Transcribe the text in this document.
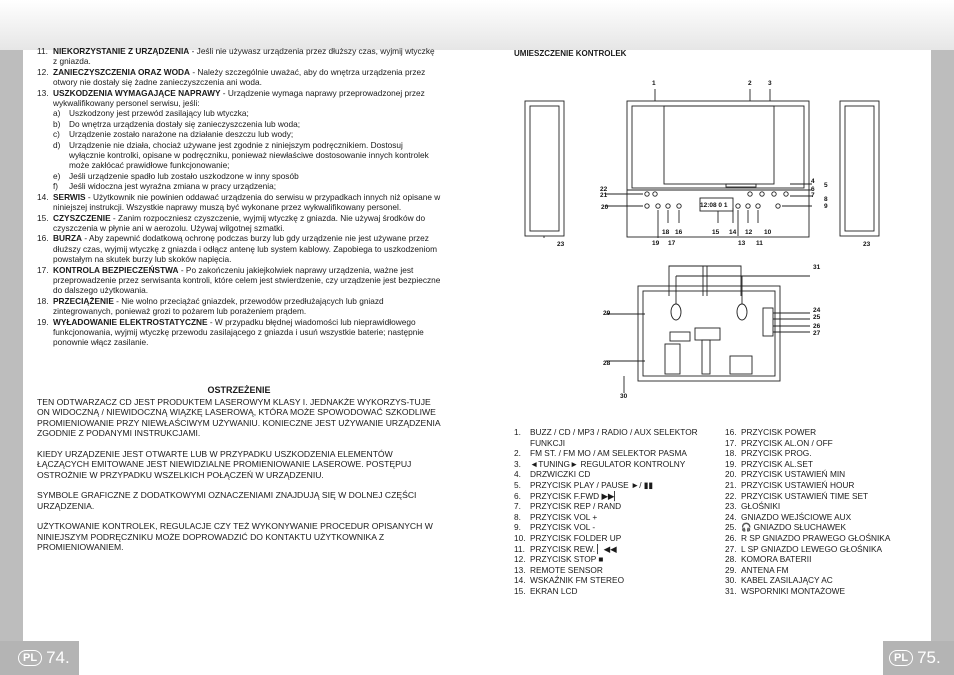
PL 74.	PL 75.
11. NIEKORZYSTANIE Z URZĄDZENIA - Jeśli nie używasz urządzenia przez dłuższy czas, wyjmij wtyczkę z gniazda.
12. ZANIECZYSZCZENIA ORAZ WODA - Należy szczególnie uważać, aby do wnętrza urządzenia przez otwory nie dostały się żadne zanieczyszczenia ani woda.
13. USZKODZENIA WYMAGAJĄCE NAPRAWY - Urządzenie wymaga naprawy przeprowadzonej przez wykwalifikowany personel serwisu, jeśli:
a)	Uszkodzony jest przewód zasilający lub wtyczka;
b)	Do wnętrza urządzenia dostały się zanieczyszczenia lub woda;
c)	Urządzenie zostało narażone na działanie deszczu lub wody;
d)	Urządzenie nie działa, chociaż używane jest zgodnie z niniejszym podręcznikiem. Dostosuj wyłącznie kontrolki, opisane w podręczniku, ponieważ niewłaściwe dostosowanie innych kontrolek może zakłócać prawidłowe funkcjonowanie;
e)	Jeśli urządzenie spadło lub zostało uszkodzone w inny sposób
f)	Jeśli widoczna jest wyraźna zmiana w pracy urządzenia;
14. SERWIS - Użytkownik nie powinien oddawać urządzenia do serwisu w przypadkach innych niż opisane w niniejszej instrukcji. Wszystkie naprawy muszą być wykonane przez wykwalifikowany personel.
15. CZYSZCZENIE - Zanim rozpoczniesz czyszczenie, wyjmij wtyczkę z gniazda. Nie używaj środków do czyszczenia w płynie ani w aerozolu. Używaj wilgotnej szmatki.
16. BURZA - Aby zapewnić dodatkową ochronę podczas burzy lub gdy urządzenie nie jest używane przez dłuższy czas, wyjmij wtyczkę z gniazda i odłącz antenę lub system kablowy. Zapobiega to uszkodzeniom powstałym na skutek burzy lub skoków napięcia.
17. KONTROLA BEZPIECZEŃSTWA - Po zakończeniu jakiejkolwiek naprawy urządzenia, ważne jest przeprowadzenie przez serwisanta kontroli, które celem jest stwierdzenie, czy urządzenie jest bezpieczne do dalszego użytkowania.
18. PRZECIĄŻENIE - Nie wolno przeciążać gniazdek, przewodów przedłużających lub gniazd zintegrowanych, ponieważ grozi to pożarem lub porażeniem prądem.
19. WYŁADOWANIE ELEKTROSTATYCZNE - W przypadku błędnej wiadomości lub nieprawidłowego funkcjonowania, wyjmij wtyczkę przewodu zasilającego z gniazda i usuń wszystkie baterie; następnie ponownie włącz zasilanie.
OSTRZEŻENIE

TEN ODTWARZACZ CD JEST PRODUKTEM LASEROWYM KLASY I. JEDNAKŻE WYKORZYS-TUJE ON WIDOCZNĄ / NIEWIDOCZNĄ WIĄZKĘ LASEROWĄ, KTÓRA MOŻE SPOWODOWAĆ SZKODLIWE PROMIENIOWANIE PRZY NIEWŁAŚCIWYM UŻYWANIU. KONIECZNE JEST UŻYWANIE URZĄDZENIA ZGODNIE Z PODANYMI INSTRUKCJAMI.

KIEDY URZĄDZENIE JEST OTWARTE LUB W PRZYPADKU USZKODZENIA ELEMENTÓW ŁĄCZĄCYCH EMITOWANE JEST NIEWIDZIALNE PROMIENIOWANIE LASEROWE. POSTĘPUJ OSTROŻNIE W PRZYPADKU WSZELKICH POŁĄCZEŃ W URZĄDZENIU.

SYMBOLE GRAFICZNE Z DODATKOWYMI OZNACZENIAMI ZNAJDUJĄ SIĘ W DOLNEJ CZĘŚCI URZĄDZENIA.

UŻYTKOWANIE KONTROLEK, REGULACJE CZY TEŻ WYKONYWANIE PROCEDUR OPISANYCH W NINIEJSZYM PODRĘCZNIKU MOŻE DOPROWADZIĆ DO KONTAKTU UŻYTKOWNIKA Z PROMIENIOWANIEM.

UMIESZCZENIE KONTROLEK
12:08 0 1
1	2	3
4
5
6
7
9
10
11
12
13
14
15
16
17
18
19
20
21
22
23	23
24
25
26
27
28
29
30
31
8
1.	BUZZ / CD / MP3 / RADIO / AUX SELEKTOR FUNKCJI
2.	FM ST. / FM MO / AM SELEKTOR PASMA
3.	◄TUNING► REGULATOR KONTROLNY
4.	DRZWICZKI CD
5.	PRZYCISK PLAY / PAUSE ►/ ▮▮
6.	PRZYCISK F.FWD ▶▶▏
7.	PRZYCISK REP / RAND
8.	PRZYCISK VOL +
9.	PRZYCISK VOL -
10. PRZYCISK FOLDER UP
11. PRZYCISK REW. ▏◀◀
12. PRZYCISK STOP ■
13. REMOTE SENSOR
14. WSKAŹNIK FM STEREO
15. EKRAN LCD
16. PRZYCISK POWER
17. PRZYCISK AL.ON / OFF
18. PRZYCISK PROG.
19. PRZYCISK AL.SET
20. PRZYCISK USTAWIEŃ MIN
21. PRZYCISK USTAWIEŃ HOUR
22. PRZYCISK USTAWIEŃ TIME SET
23. GŁOŚNIKI
24. GNIAZDO WEJŚCIOWE AUX
25. 🎧 GNIAZDO SŁUCHAWEK
26. R SP GNIAZDO PRAWEGO GŁOŚNIKA
27. L SP GNIAZDO LEWEGO GŁOŚNIKA
28. KOMORA BATERII
29. ANTENA FM
30. KABEL ZASILAJĄCY AC
31. WSPORNIKI MONTAŻOWE
